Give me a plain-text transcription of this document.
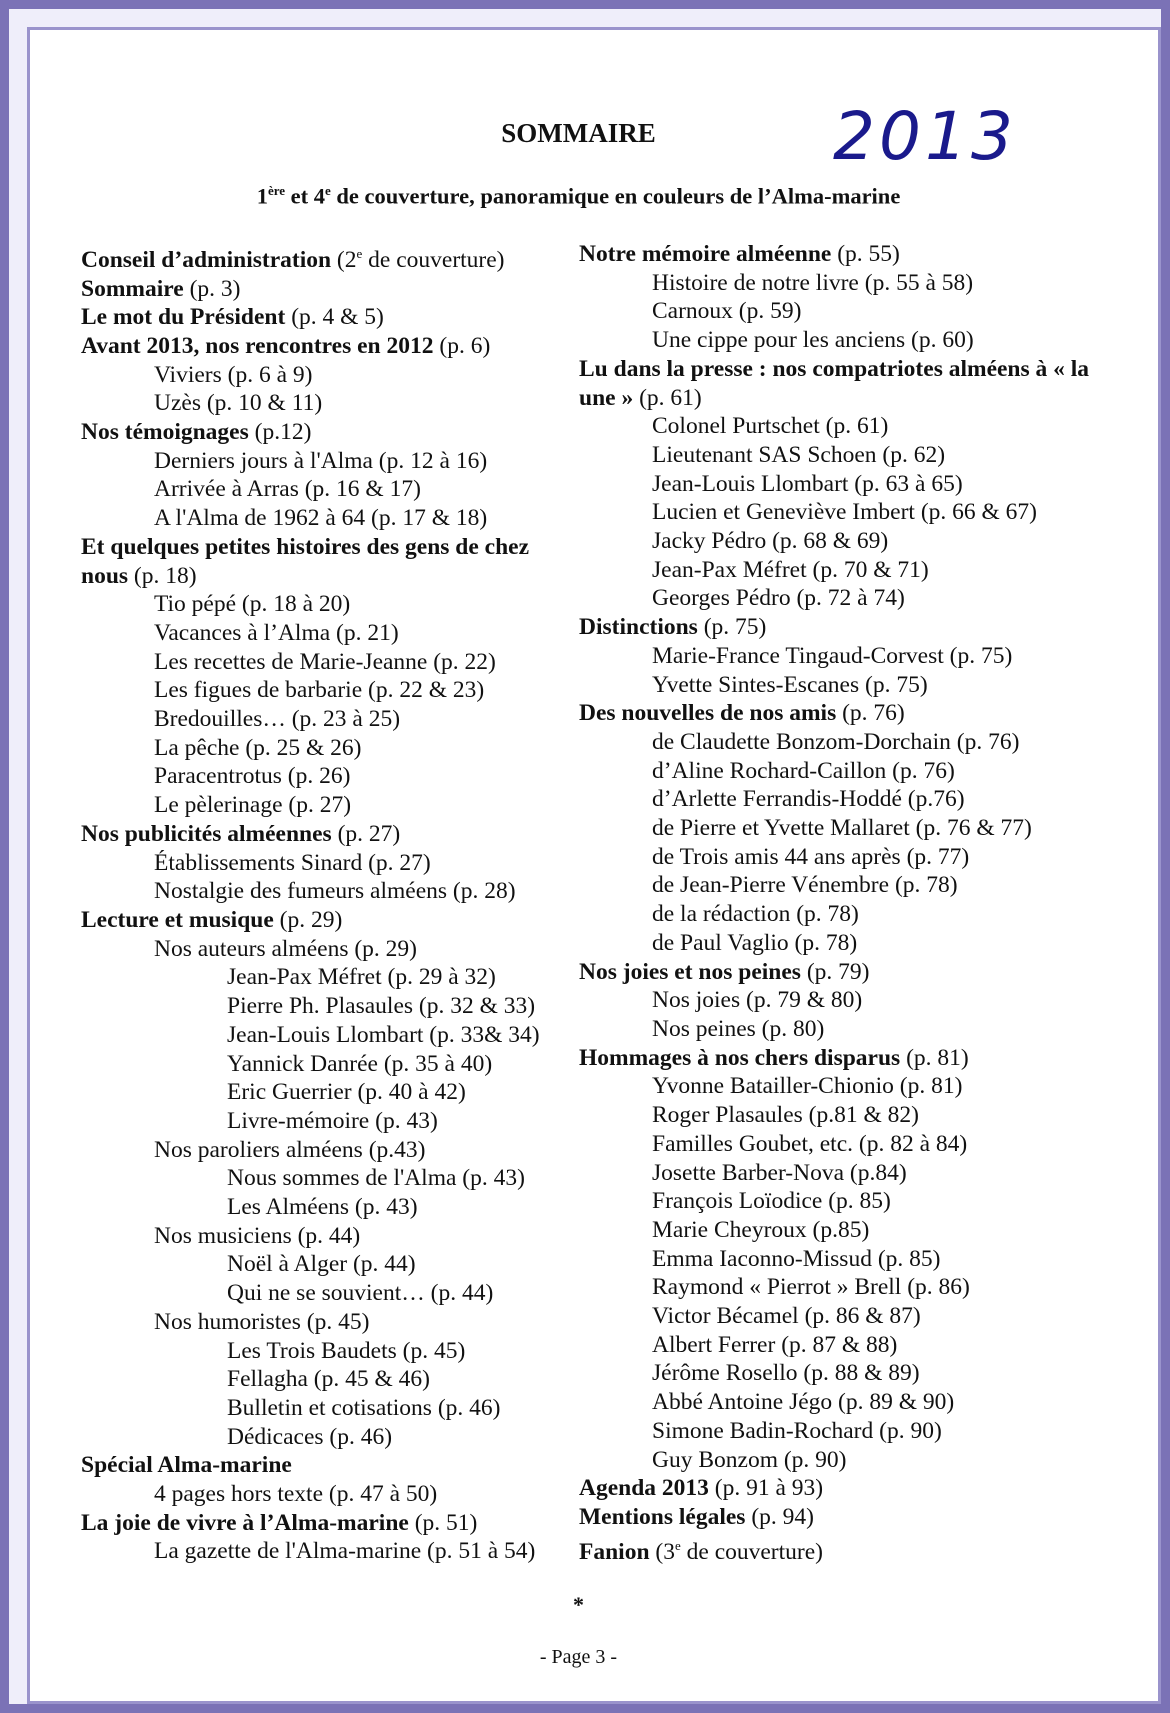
SOMMAIRE	2013
1ère et 4e de couverture, panoramique en couleurs de l’Alma-marine
Conseil d’administration (2e de couverture)
Sommaire (p. 3)
Le mot du Président (p. 4 & 5)
Avant 2013, nos rencontres en 2012 (p. 6)
Viviers (p. 6 à 9)
Uzès (p. 10 & 11)
Nos témoignages (p.12)
Derniers jours à l'Alma (p. 12 à 16)
Arrivée à Arras (p. 16 & 17)
A l'Alma de 1962 à 64 (p. 17 & 18)
Et quelques petites histoires des gens de chez nous (p. 18)
Tio pépé (p. 18 à 20)
Vacances à l’Alma (p. 21)
Les recettes de Marie-Jeanne (p. 22)
Les figues de barbarie (p. 22 & 23)
Bredouilles… (p. 23 à 25)
La pêche (p. 25 & 26)
Paracentrotus (p. 26)
Le pèlerinage (p. 27)
Nos publicités alméennes (p. 27)
Établissements Sinard (p. 27)
Nostalgie des fumeurs alméens (p. 28)
Lecture et musique (p. 29)
Nos auteurs alméens (p. 29)
Jean-Pax Méfret (p. 29 à 32)
Pierre Ph. Plasaules (p. 32 & 33)
Jean-Louis Llombart (p. 33& 34)
Yannick Danrée (p. 35 à 40)
Eric Guerrier (p. 40 à 42)
Livre-mémoire (p. 43)
Nos paroliers alméens (p.43)
Nous sommes de l'Alma (p. 43)
Les Alméens (p. 43)
Nos musiciens (p. 44)
Noël à Alger (p. 44)
Qui ne se souvient… (p. 44)
Nos humoristes (p. 45)
Les Trois Baudets (p. 45)
Fellagha (p. 45 & 46)
Bulletin et cotisations (p. 46)
Dédicaces (p. 46)
Spécial Alma-marine
4 pages hors texte (p. 47 à 50)
La joie de vivre à l’Alma-marine (p. 51)
La gazette de l'Alma-marine (p. 51 à 54)
Notre mémoire alméenne (p. 55)
Histoire de notre livre (p. 55 à 58)
Carnoux (p. 59)
Une cippe pour les anciens (p. 60)
Lu dans la presse : nos compatriotes alméens à « la une » (p. 61)
Colonel Purtschet (p. 61)
Lieutenant SAS Schoen (p. 62)
Jean-Louis Llombart (p. 63 à 65)
Lucien et Geneviève Imbert (p. 66 & 67)
Jacky Pédro (p. 68 & 69)
Jean-Pax Méfret (p. 70 & 71)
Georges Pédro (p. 72 à 74)
Distinctions (p. 75)
Marie-France Tingaud-Corvest (p. 75)
Yvette Sintes-Escanes (p. 75)
Des nouvelles de nos amis (p. 76)
de Claudette Bonzom-Dorchain (p. 76)
d’Aline Rochard-Caillon (p. 76)
d’Arlette Ferrandis-Hoddé (p.76)
de Pierre et Yvette Mallaret (p. 76 & 77)
de Trois amis 44 ans après (p. 77)
de Jean-Pierre Vénembre (p. 78)
de la rédaction (p. 78)
de Paul Vaglio (p. 78)
Nos joies et nos peines (p. 79)
Nos joies (p. 79 & 80)
Nos peines (p. 80)
Hommages à nos chers disparus (p. 81)
Yvonne Batailler-Chionio (p. 81)
Roger Plasaules (p.81 & 82)
Familles Goubet, etc. (p. 82 à 84)
Josette Barber-Nova (p.84)
François Loïodice (p. 85)
Marie Cheyroux (p.85)
Emma Iaconno-Missud (p. 85)
Raymond « Pierrot » Brell (p. 86)
Victor Bécamel (p. 86 & 87)
Albert Ferrer (p. 87 & 88)
Jérôme Rosello (p. 88 & 89)
Abbé Antoine Jégo (p. 89 & 90)
Simone Badin-Rochard (p. 90)
Guy Bonzom (p. 90)
Agenda 2013 (p. 91 à 93)
Mentions légales (p. 94)
Fanion (3e de couverture)
*
- Page 3 -
